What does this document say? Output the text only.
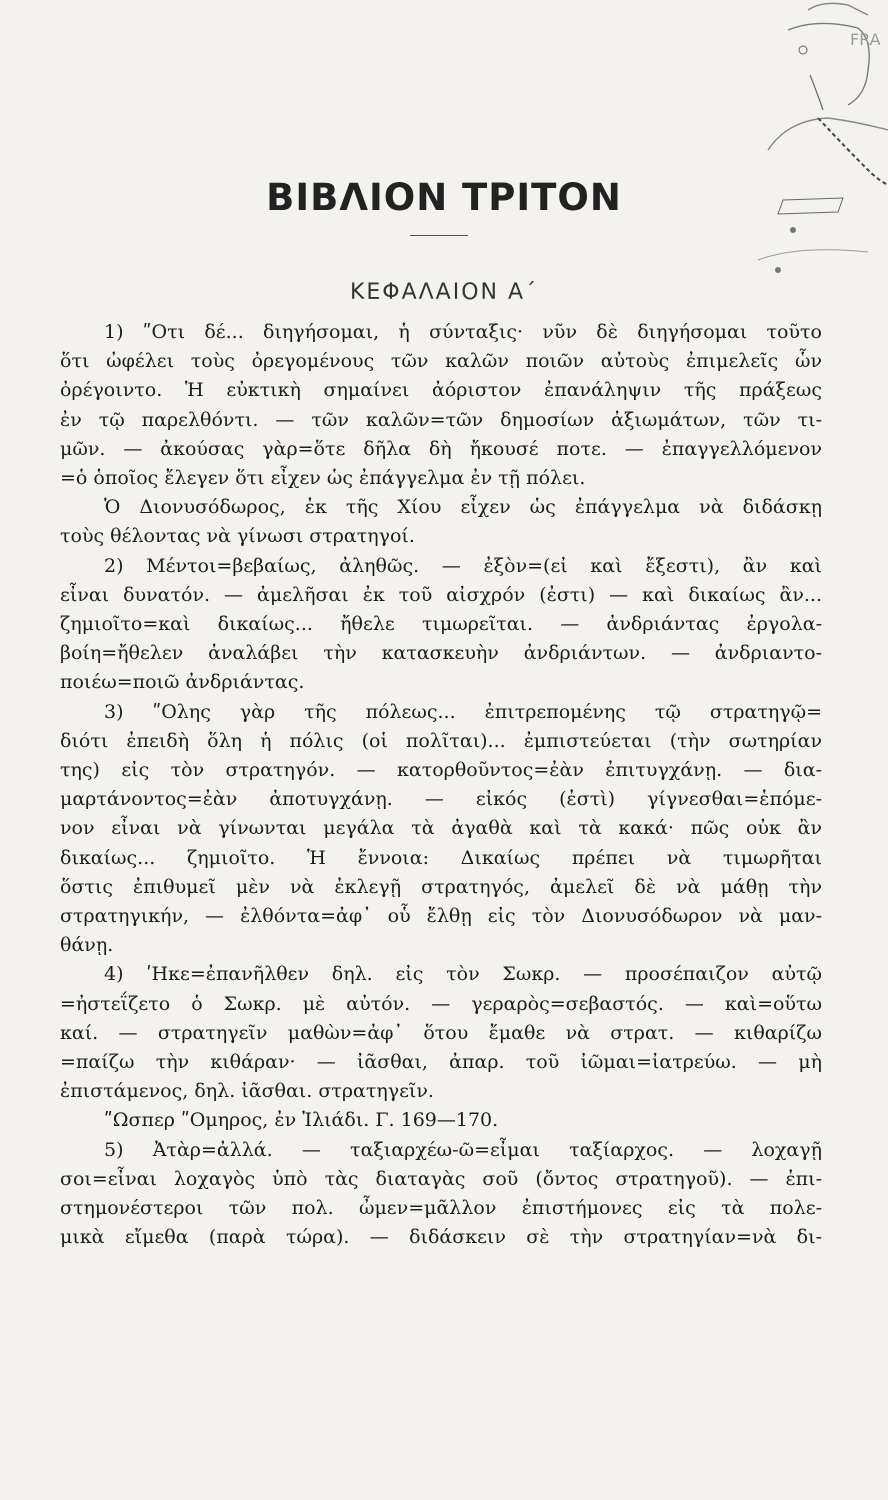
FRA
ΒΙΒΛΙΟΝ ΤΡΙΤΟΝ
ΚΕΦΑΛΑΙΟΝ Α΄
1) ʺΟτι δέ... διηγήσομαι, ἡ σύνταξις· νῦν δὲ διηγήσομαι τοῦτο
ὅτι ὠφέλει τοὺς ὀρεγομένους τῶν καλῶν ποιῶν αὐτοὺς ἐπιμελεῖς ὧν
ὀρέγοιντο. Ἡ εὐκτικὴ σημαίνει ἀόριστον ἐπανάληψιν τῆς πράξεως
ἐν τῷ παρελθόντι. — τῶν καλῶν=τῶν δημοσίων ἀξιωμάτων, τῶν τι-
μῶν. — ἀκούσας γὰρ=ὅτε δῆλα δὴ ἤκουσέ ποτε. — ἐπαγγελλόμενον
=ὁ ὁποῖος ἔλεγεν ὅτι εἶχεν ὡς ἐπάγγελμα ἐν τῇ πόλει.
Ὁ Διονυσόδωρος, ἐκ τῆς Χίου εἶχεν ὡς ἐπάγγελμα νὰ διδάσκῃ
τοὺς θέλοντας νὰ γίνωσι στρατηγοί.
2) Μέντοι=βεβαίως, ἀληθῶς. — ἐξὸν=(εἰ καὶ ἔξεστι), ἂν καὶ
εἶναι δυνατόν. — ἀμελῆσαι ἐκ τοῦ αἰσχρόν (ἐστι) — καὶ δικαίως ἂν...
ζημιοῖτο=καὶ δικαίως... ἤθελε τιμωρεῖται. — ἀνδριάντας ἐργολα-
βοίη=ἤθελεν ἀναλάβει τὴν κατασκευὴν ἀνδριάντων. — ἀνδριαντο-
ποιέω=ποιῶ ἀνδριάντας.
3) ʺΟλης γὰρ τῆς πόλεως... ἐπιτρεπομένης τῷ στρατηγῷ=
διότι ἐπειδὴ ὅλη ἡ πόλις (οἱ πολῖται)... ἐμπιστεύεται (τὴν σωτηρίαν
της) εἰς τὸν στρατηγόν. — κατορθοῦντος=ἐὰν ἐπιτυγχάνῃ. — δια-
μαρτάνοντος=ἐὰν ἀποτυγχάνῃ. — εἰκός (ἐστὶ) γίγνεσθαι=ἑπόμε-
νον εἶναι νὰ γίνωνται μεγάλα τὰ ἀγαθὰ καὶ τὰ κακά· πῶς οὐκ ἂν
δικαίως... ζημιοῖτο. Ἡ ἔννοια: Δικαίως πρέπει νὰ τιμωρῆται
ὅστις ἐπιθυμεῖ μὲν νὰ ἐκλεγῇ στρατηγός, ἀμελεῖ δὲ νὰ μάθῃ τὴν
στρατηγικήν, — ἐλθόντα=ἀφ᾽ οὗ ἔλθῃ εἰς τὸν Διονυσόδωρον νὰ μαν-
θάνῃ.
4) ʹΗκε=ἐπανῆλθεν δηλ. εἰς τὸν Σωκρ. — προσέπαιζον αὐτῷ
=ἠστεΐζετο ὁ Σωκρ. μὲ αὐτόν. — γεραρὸς=σεβαστός. — καὶ=οὕτω
καί. — στρατηγεῖν μαθὼν=ἀφ᾽ ὅτου ἔμαθε νὰ στρατ. — κιθαρίζω
=παίζω τὴν κιθάραν· — ἰᾶσθαι, ἀπαρ. τοῦ ἰῶμαι=ἰατρεύω. — μὴ
ἐπιστάμενος, δηλ. ἰᾶσθαι. στρατηγεῖν.
ʺΩσπερ ʺΟμηρος, ἐν Ἰλιάδι. Γ. 169—170.
5) Ἀτὰρ=ἀλλά. — ταξιαρχέω-ῶ=εἶμαι ταξίαρχος. — λοχαγῇ
σοι=εἶναι λοχαγὸς ὑπὸ τὰς διαταγὰς σοῦ (ὄντος στρατηγοῦ). — ἐπι-
στημονέστεροι τῶν πολ. ὦμεν=μᾶλλον ἐπιστήμονες εἰς τὰ πολε-
μικὰ εἴμεθα (παρὰ τώρα). — διδάσκειν σὲ τὴν στρατηγίαν=νὰ δι-
